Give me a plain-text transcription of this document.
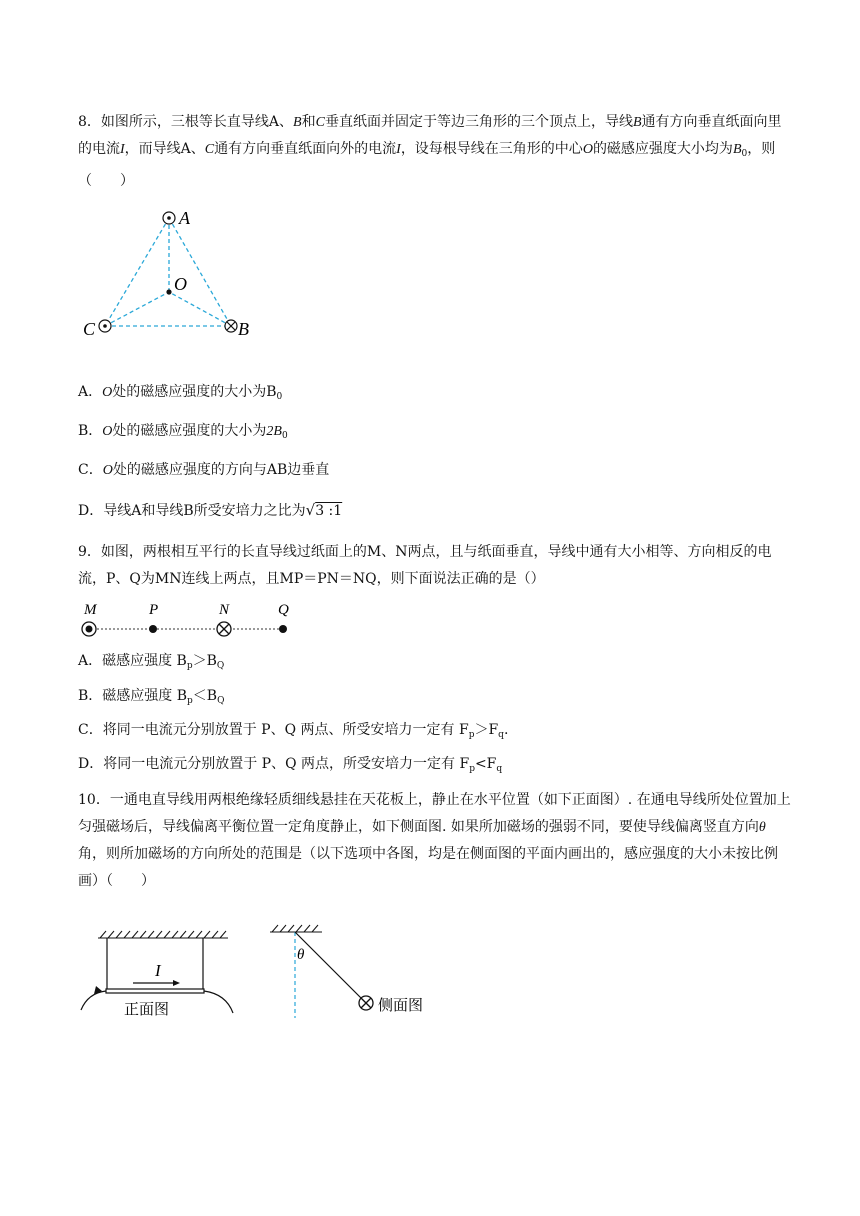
8．如图所示，三根等长直导线A、B和C垂直纸面并固定于等边三角形的三个顶点上，导线B通有方向垂直纸面向里的电流I，而导线A、C通有方向垂直纸面向外的电流I，设每根导线在三角形的中心O的磁感应强度大小均为$B_0$，则（　　）
A
O
C	B
A．O处的磁感应强度的大小为$B_0$
B．O处的磁感应强度的大小为$2B_0$
C．O处的磁感应强度的方向与AB边垂直
D．导线A和导线B所受安培力之比为√3 :1
9．如图，两根相互平行的长直导线过纸面上的M、N两点，且与纸面垂直，导线中通有大小相等、方向相反的电流，P、Q为MN连线上两点，且MP＝PN＝NQ，则下面说法正确的是（）
M	P	N	Q
A．磁感应强度 $B_p>B_Q$
B．磁感应强度 $B_p<B_Q$
C．将同一电流元分别放置于 P、Q 两点、所受安培力一定有 $F_p>F_q$.
D．将同一电流元分别放置于 P、Q 两点，所受安培力一定有 $F_p<F_q$
10．一通电直导线用两根绝缘轻质细线悬挂在天花板上，静止在水平位置（如下正面图）. 在通电导线所处位置加上匀强磁场后，导线偏离平衡位置一定角度静止，如下侧面图. 如果所加磁场的强弱不同，要使导线偏离竖直方向θ角，则所加磁场的方向所处的范围是（以下选项中各图，均是在侧面图的平面内画出的，感应强度的大小未按比例画）（　　）
I
正面图
θ
侧面图
